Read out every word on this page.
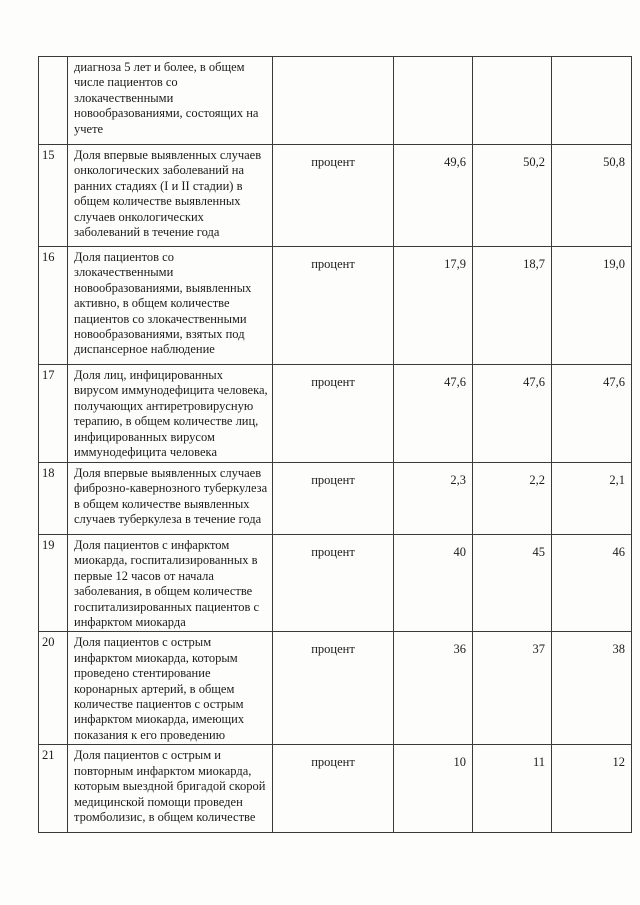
	диагноза 5 лет и более, в общем числе пациентов со злокачественными новообразованиями, состоящих на учете				

15	Доля впервые выявленных случаев онкологических заболеваний на ранних стадиях (I и II стадии) в общем количестве выявленных случаев онкологических заболеваний в течение года	процент	49,6	50,2	50,8
16	Доля пациентов со злокачественными новообразованиями, выявленных активно, в общем количестве пациентов со злокачественными новообразованиями, взятых под диспансерное наблюдение	процент	17,9	18,7	19,0
17	Доля лиц, инфицированных вирусом иммунодефицита человека, получающих антиретровирусную терапию, в общем количестве лиц, инфицированных вирусом иммунодефицита человека	процент	47,6	47,6	47,6
18	Доля впервые выявленных случаев фиброзно-кавернозного туберкулеза в общем количестве выявленных случаев туберкулеза в течение года	процент	2,3	2,2	2,1
19	Доля пациентов с инфарктом миокарда, госпитализированных в первые 12 часов от начала заболевания, в общем количестве госпитализированных пациентов с инфарктом миокарда	процент	40	45	46
20	Доля пациентов с острым инфарктом миокарда, которым проведено стентирование коронарных артерий, в общем количестве пациентов с острым инфарктом миокарда, имеющих показания к его проведению	процент	36	37	38
21	Доля пациентов с острым и повторным инфарктом миокарда, которым выездной бригадой скорой медицинской помощи проведен тромболизис, в общем количестве	процент	10	11	12
